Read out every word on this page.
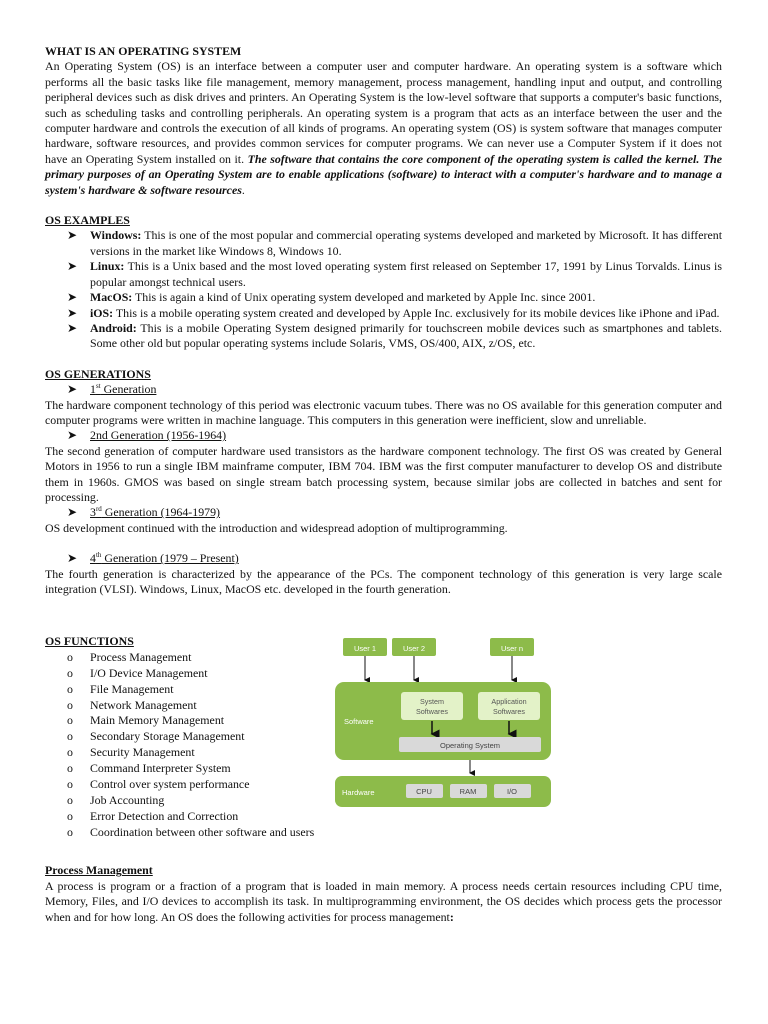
WHAT IS AN OPERATING SYSTEM

An Operating System (OS) is an interface between a computer user and computer hardware. An operating system is a software which performs all the basic tasks like file management, memory management, process management, handling input and output, and controlling peripheral devices such as disk drives and printers. An Operating System is the low-level software that supports a computer's basic functions, such as scheduling tasks and controlling peripherals. An operating system is a program that acts as an interface between the user and the computer hardware and controls the execution of all kinds of programs. An operating system (OS) is system software that manages computer hardware, software resources, and provides common services for computer programs. We can never use a Computer System if it does not have an Operating System installed on it. The software that contains the core component of the operating system is called the kernel. The primary purposes of an Operating System are to enable applications (software) to interact with a computer's hardware and to manage a system's hardware & software resources.

OS EXAMPLES

➤ Windows: This is one of the most popular and commercial operating systems developed and marketed by Microsoft. It has different versions in the market like Windows 8, Windows 10.
➤ Linux: This is a Unix based and the most loved operating system first released on September 17, 1991 by Linus Torvalds. Linus is popular amongst technical users.
➤ MacOS: This is again a kind of Unix operating system developed and marketed by Apple Inc. since 2001.
➤ iOS: This is a mobile operating system created and developed by Apple Inc. exclusively for its mobile devices like iPhone and iPad.
➤ Android: This is a mobile Operating System designed primarily for touchscreen mobile devices such as smartphones and tablets. Some other old but popular operating systems include Solaris, VMS, OS/400, AIX, z/OS, etc.

OS GENERATIONS

➤ 1st Generation

The hardware component technology of this period was electronic vacuum tubes. There was no OS available for this generation computer and computer programs were written in machine language. This computers in this generation were inefficient, slow and unreliable.

➤ 2nd Generation (1956-1964)

The second generation of computer hardware used transistors as the hardware component technology. The first OS was created by General Motors in 1956 to run a single IBM mainframe computer, IBM 704. IBM was the first computer manufacturer to develop OS and distribute them in 1960s. GMOS was based on single stream batch processing system, because similar jobs are collected in batches and sent for processing.

➤ 3rd Generation (1964-1979)

OS development continued with the introduction and widespread adoption of multiprogramming.

➤ 4th Generation (1979 – Present)

The fourth generation is characterized by the appearance of the PCs. The component technology of this generation is very large scale integration (VLSI). Windows, Linux, MacOS etc. developed in the fourth generation.

OS FUNCTIONS

o Process Management
o I/O Device Management
o File Management
o Network Management
o Main Memory Management
o Secondary Storage Management
o Security Management
o Command Interpreter System
o Control over system performance
o Job Accounting
o Error Detection and Correction
o Coordination between other software and users
User 1	User 2	User n
Software
System
Softwares
Application
Softwares
Operating System
Hardware	CPU	RAM	I/O

Process Management

A process is program or a fraction of a program that is loaded in main memory. A process needs certain resources including CPU time, Memory, Files, and I/O devices to accomplish its task. In multiprogramming environment, the OS decides which process gets the processor when and for how long. An OS does the following activities for process management:
